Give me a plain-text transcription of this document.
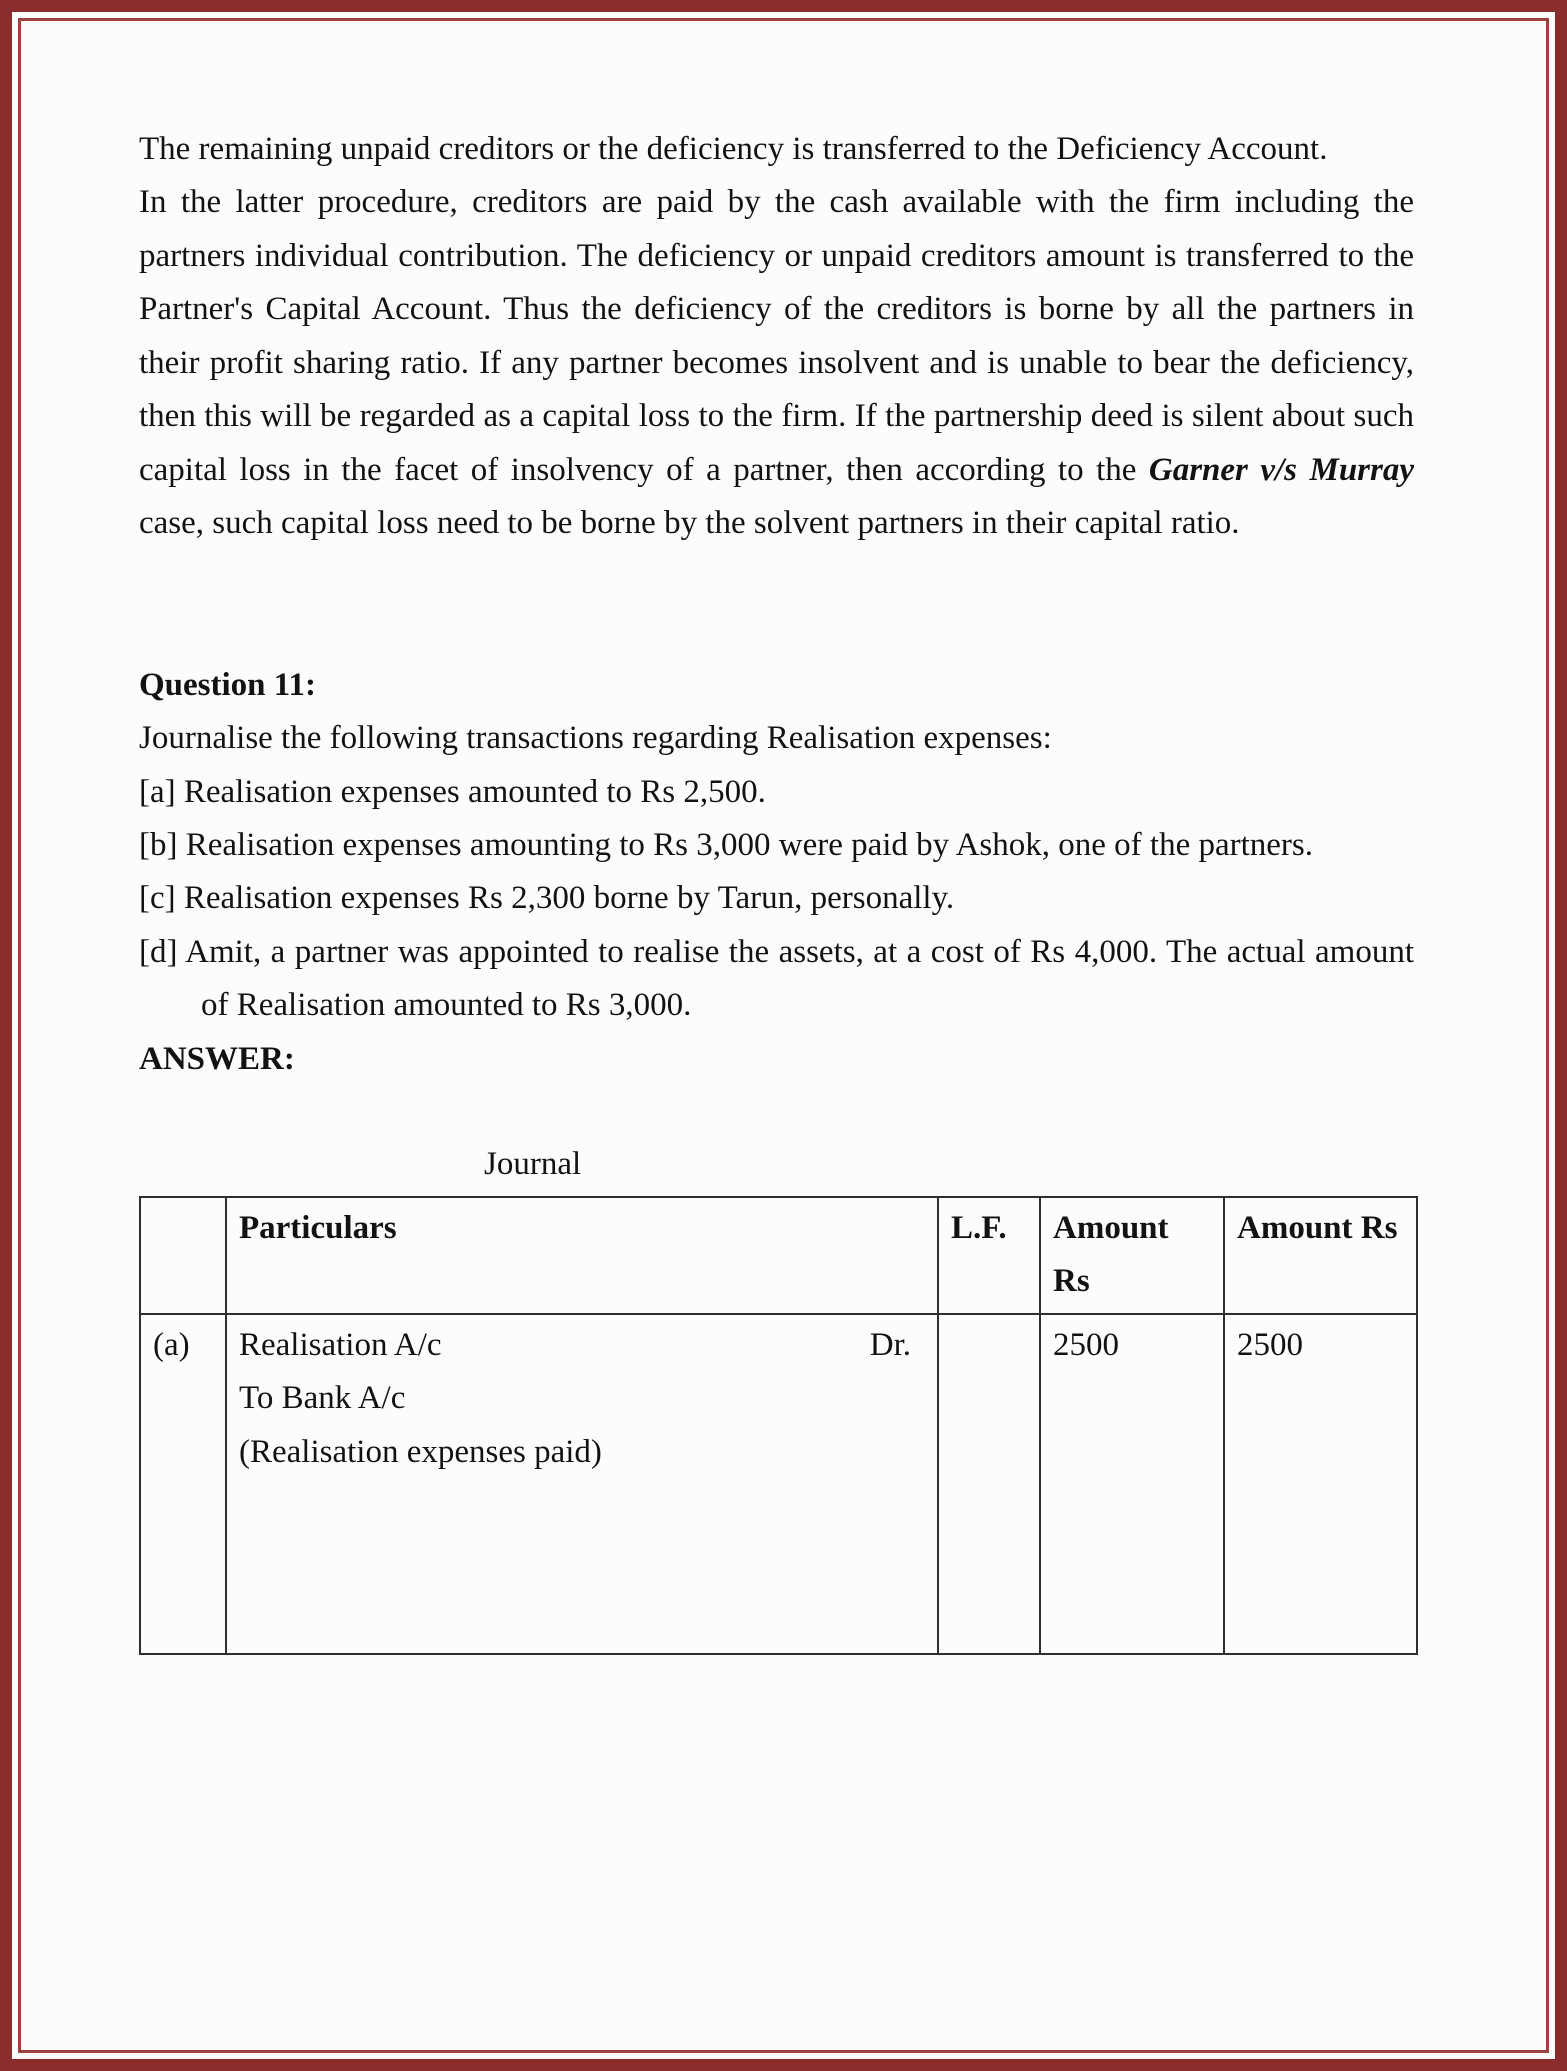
The remaining unpaid creditors or the deficiency is transferred to the Deficiency Account.

In the latter procedure, creditors are paid by the cash available with the firm including the partners individual contribution. The deficiency or unpaid creditors amount is transferred to the Partner's Capital Account. Thus the deficiency of the creditors is borne by all the partners in their profit sharing ratio. If any partner becomes insolvent and is unable to bear the deficiency, then this will be regarded as a capital loss to the firm. If the partnership deed is silent about such capital loss in the facet of insolvency of a partner, then according to the Garner v/s Murray case, such capital loss need to be borne by the solvent partners in their capital ratio.

Question 11:

Journalise the following transactions regarding Realisation expenses:

[a] Realisation expenses amounted to Rs 2,500.

[b] Realisation expenses amounting to Rs 3,000 were paid by Ashok, one of the partners.

[c] Realisation expenses Rs 2,300 borne by Tarun, personally.

[d] Amit, a partner was appointed to realise the assets, at a cost of Rs 4,000. The actual amount of Realisation amounted to Rs 3,000.

ANSWER:

Journal

	Particulars	L.F.	Amount Rs	Amount Rs
(a)	Realisation A/c Dr.
To Bank A/c
(Realisation expenses paid)		2500	2500
